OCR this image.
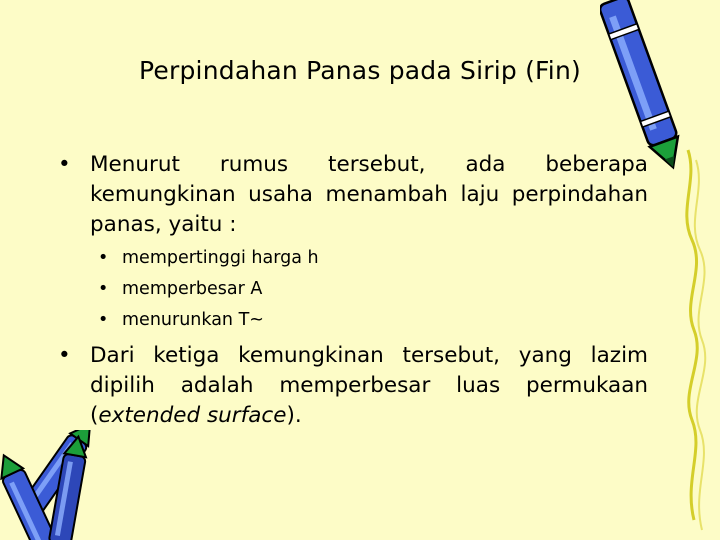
Perpindahan Panas pada Sirip (Fin)
• Menurut rumus tersebut, ada beberapa kemungkinan usaha menambah laju perpindahan panas, yaitu :
• mempertinggi harga h
• memperbesar A
• menurunkan T~
• Dari ketiga kemungkinan tersebut, yang lazim dipilih adalah memperbesar luas permukaan (extended surface).
